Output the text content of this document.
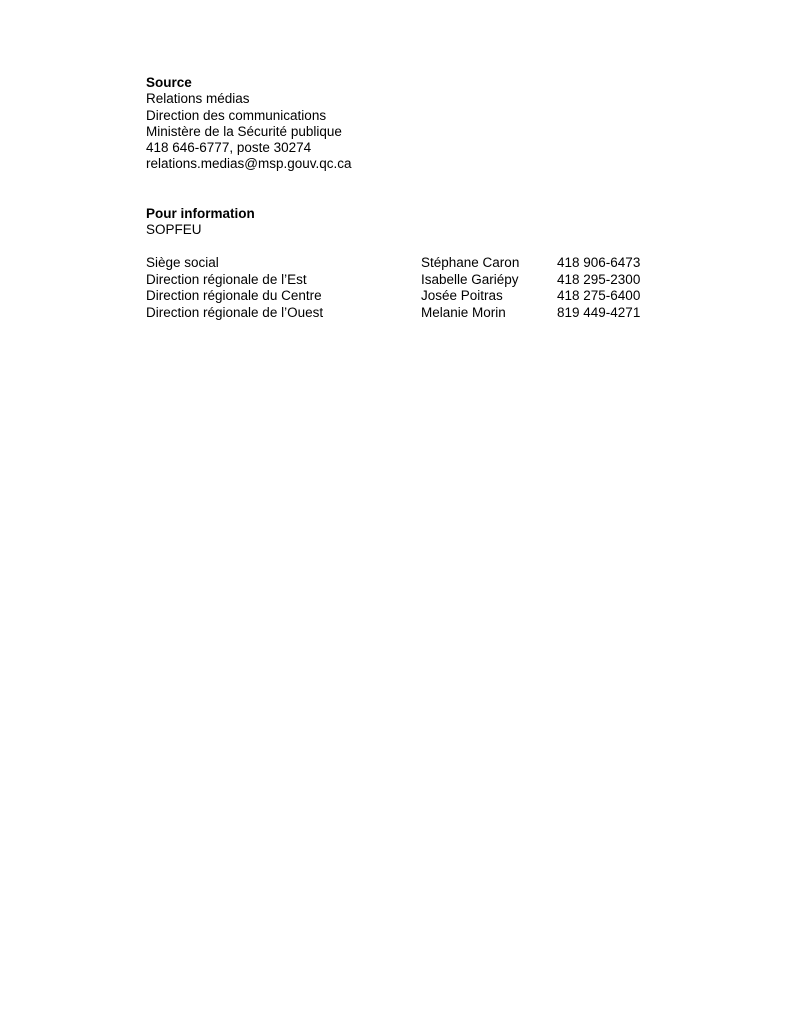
Source
Relations médias
Direction des communications
Ministère de la Sécurité publique
418 646-6777, poste 30274
relations.medias@msp.gouv.qc.ca
Pour information
SOPFEU
Siège social	Stéphane Caron	418 906-6473
Direction régionale de l’Est	Isabelle Gariépy	418 295-2300
Direction régionale du Centre	Josée Poitras	418 275-6400
Direction régionale de l’Ouest	Melanie Morin	819 449-4271
